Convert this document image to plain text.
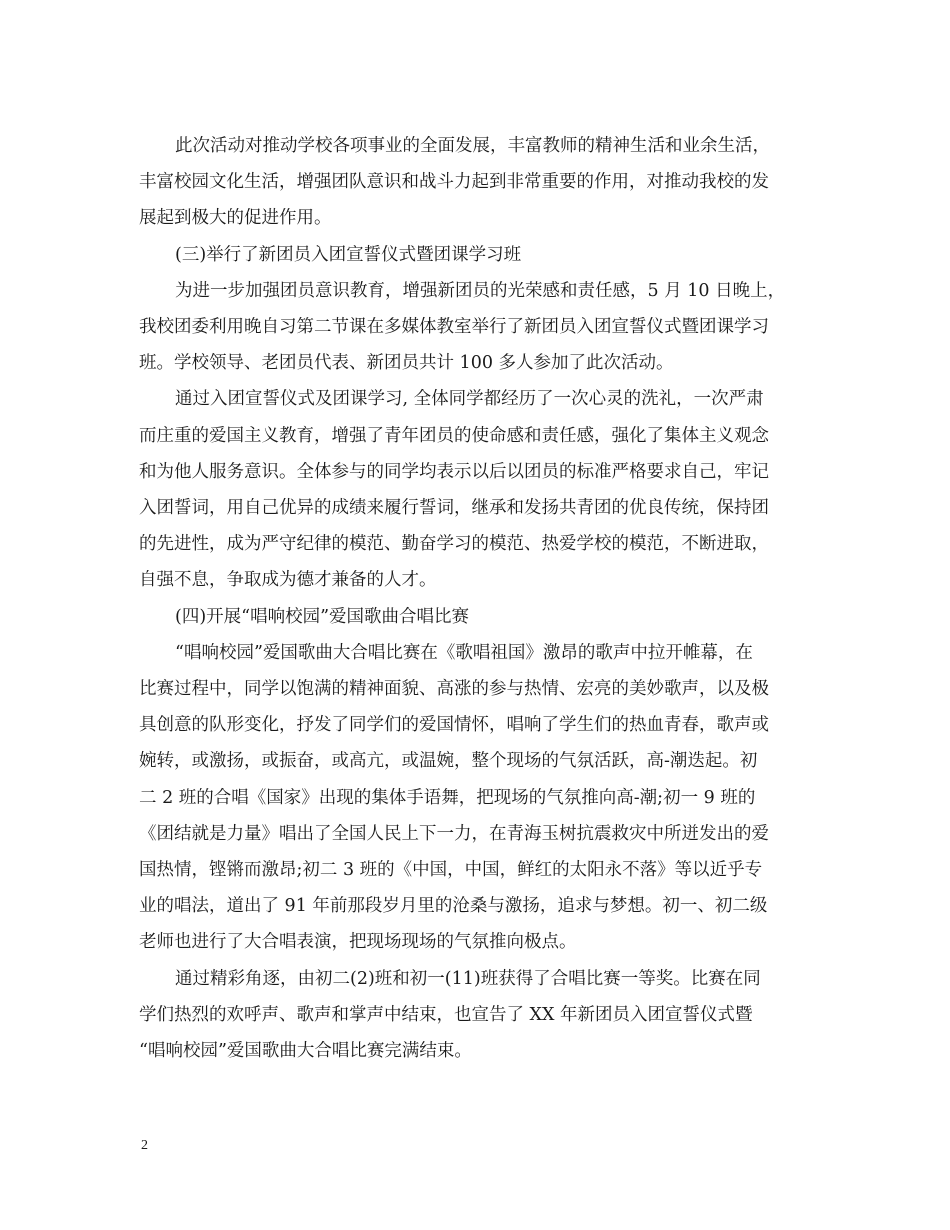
此次活动对推动学校各项事业的全面发展，丰富教师的精神生活和业余生活，
丰富校园文化生活，增强团队意识和战斗力起到非常重要的作用，对推动我校的发
展起到极大的促进作用。
(三)举行了新团员入团宣誓仪式暨团课学习班
为进一步加强团员意识教育，增强新团员的光荣感和责任感，5 月 10 日晚上，
我校团委利用晚自习第二节课在多媒体教室举行了新团员入团宣誓仪式暨团课学习
班。学校领导、老团员代表、新团员共计 100 多人参加了此次活动。
通过入团宣誓仪式及团课学习, 全体同学都经历了一次心灵的洗礼，一次严肃
而庄重的爱国主义教育，增强了青年团员的使命感和责任感，强化了集体主义观念
和为他人服务意识。全体参与的同学均表示以后以团员的标准严格要求自己，牢记
入团誓词，用自己优异的成绩来履行誓词，继承和发扬共青团的优良传统，保持团
的先进性，成为严守纪律的模范、勤奋学习的模范、热爱学校的模范，不断进取，
自强不息，争取成为德才兼备的人才。
(四)开展“唱响校园”爱国歌曲合唱比赛
“唱响校园”爱国歌曲大合唱比赛在《歌唱祖国》激昂的歌声中拉开帷幕，在
比赛过程中，同学以饱满的精神面貌、高涨的参与热情、宏亮的美妙歌声，以及极
具创意的队形变化，抒发了同学们的爱国情怀，唱响了学生们的热血青春，歌声或
婉转，或激扬，或振奋，或高亢，或温婉，整个现场的气氛活跃，高-潮迭起。初
二 2 班的合唱《国家》出现的集体手语舞，把现场的气氛推向高-潮;初一 9 班的
《团结就是力量》唱出了全国人民上下一力，在青海玉树抗震救灾中所迸发出的爱
国热情，铿锵而激昂;初二 3 班的《中国，中国，鲜红的太阳永不落》等以近乎专
业的唱法，道出了 91 年前那段岁月里的沧桑与激扬，追求与梦想。初一、初二级
老师也进行了大合唱表演，把现场现场的气氛推向极点。
通过精彩角逐，由初二(2)班和初一(11)班获得了合唱比赛一等奖。比赛在同
学们热烈的欢呼声、歌声和掌声中结束，也宣告了 XX 年新团员入团宣誓仪式暨
“唱响校园”爱国歌曲大合唱比赛完满结束。
2
